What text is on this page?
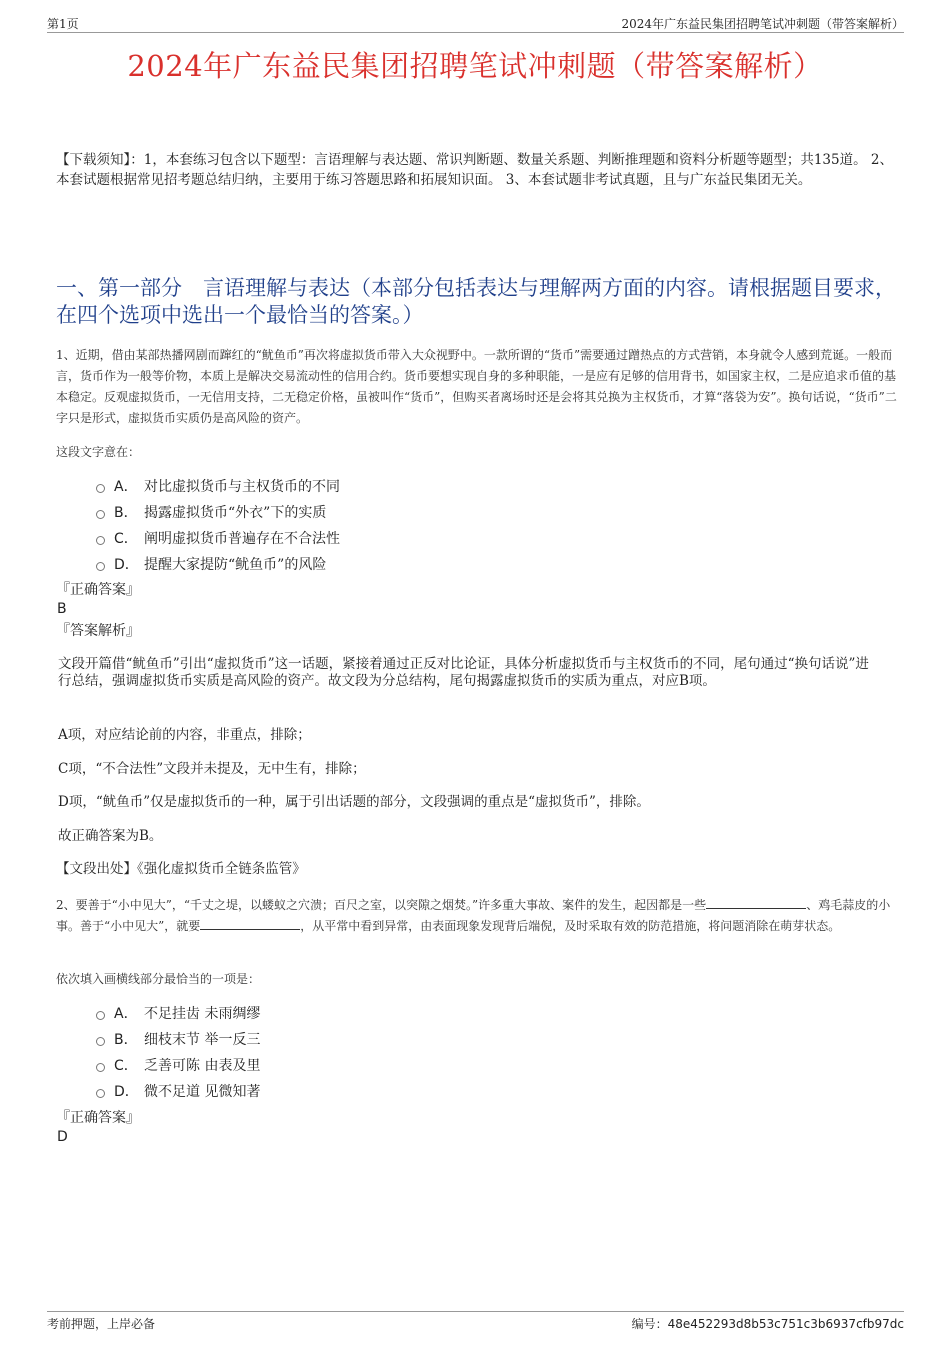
第1页	2024年广东益民集团招聘笔试冲刺题（带答案解析）
2024年广东益民集团招聘笔试冲刺题（带答案解析）
【下载须知】：1，本套练习包含以下题型：言语理解与表达题、常识判断题、数量关系题、判断推理题和资料分析题等题型；共135道。 2、本套试题根据常见招考题总结归纳，主要用于练习答题思路和拓展知识面。 3、本套试题非考试真题，且与广东益民集团无关。
一、第一部分　言语理解与表达（本部分包括表达与理解两方面的内容。请根据题目要求，在四个选项中选出一个最恰当的答案。）
1、近期，借由某部热播网剧而蹿红的“鱿鱼币”再次将虚拟货币带入大众视野中。一款所谓的“货币”需要通过蹭热点的方式营销，本身就令人感到荒诞。一般而言，货币作为一般等价物，本质上是解决交易流动性的信用合约。货币要想实现自身的多种职能，一是应有足够的信用背书，如国家主权，二是应追求币值的基本稳定。反观虚拟货币，一无信用支持，二无稳定价格，虽被叫作“货币”，但购买者离场时还是会将其兑换为主权货币，才算“落袋为安”。换句话说，“货币”二字只是形式，虚拟货币实质仍是高风险的资产。
这段文字意在：
A． 对比虚拟货币与主权货币的不同
B． 揭露虚拟货币“外衣”下的实质
C． 阐明虚拟货币普遍存在不合法性
D． 提醒大家提防“鱿鱼币”的风险
『正确答案』
B
『答案解析』
文段开篇借“鱿鱼币”引出“虚拟货币”这一话题，紧接着通过正反对比论证，具体分析虚拟货币与主权货币的不同，尾句通过“换句话说”进行总结，强调虚拟货币实质是高风险的资产。故文段为分总结构，尾句揭露虚拟货币的实质为重点，对应B项。
A项，对应结论前的内容，非重点，排除；
C项，“不合法性”文段并未提及，无中生有，排除；
D项，“鱿鱼币”仅是虚拟货币的一种，属于引出话题的部分，文段强调的重点是“虚拟货币”，排除。
故正确答案为B。
【文段出处】《强化虚拟货币全链条监管》
2、要善于“小中见大”，“千丈之堤，以蝼蚁之穴溃；百尺之室，以突隙之烟焚。”许多重大事故、案件的发生，起因都是一些	、鸡毛蒜皮的小事。善于“小中见大”，就要	，从平常中看到异常，由表面现象发现背后端倪，及时采取有效的防范措施，将问题消除在萌芽状态。
依次填入画横线部分最恰当的一项是：
A． 不足挂齿 未雨绸缪
B． 细枝末节 举一反三
C． 乏善可陈 由表及里
D． 微不足道 见微知著
『正确答案』
D
考前押题，上岸必备	编号：48e452293d8b53c751c3b6937cfb97dc
